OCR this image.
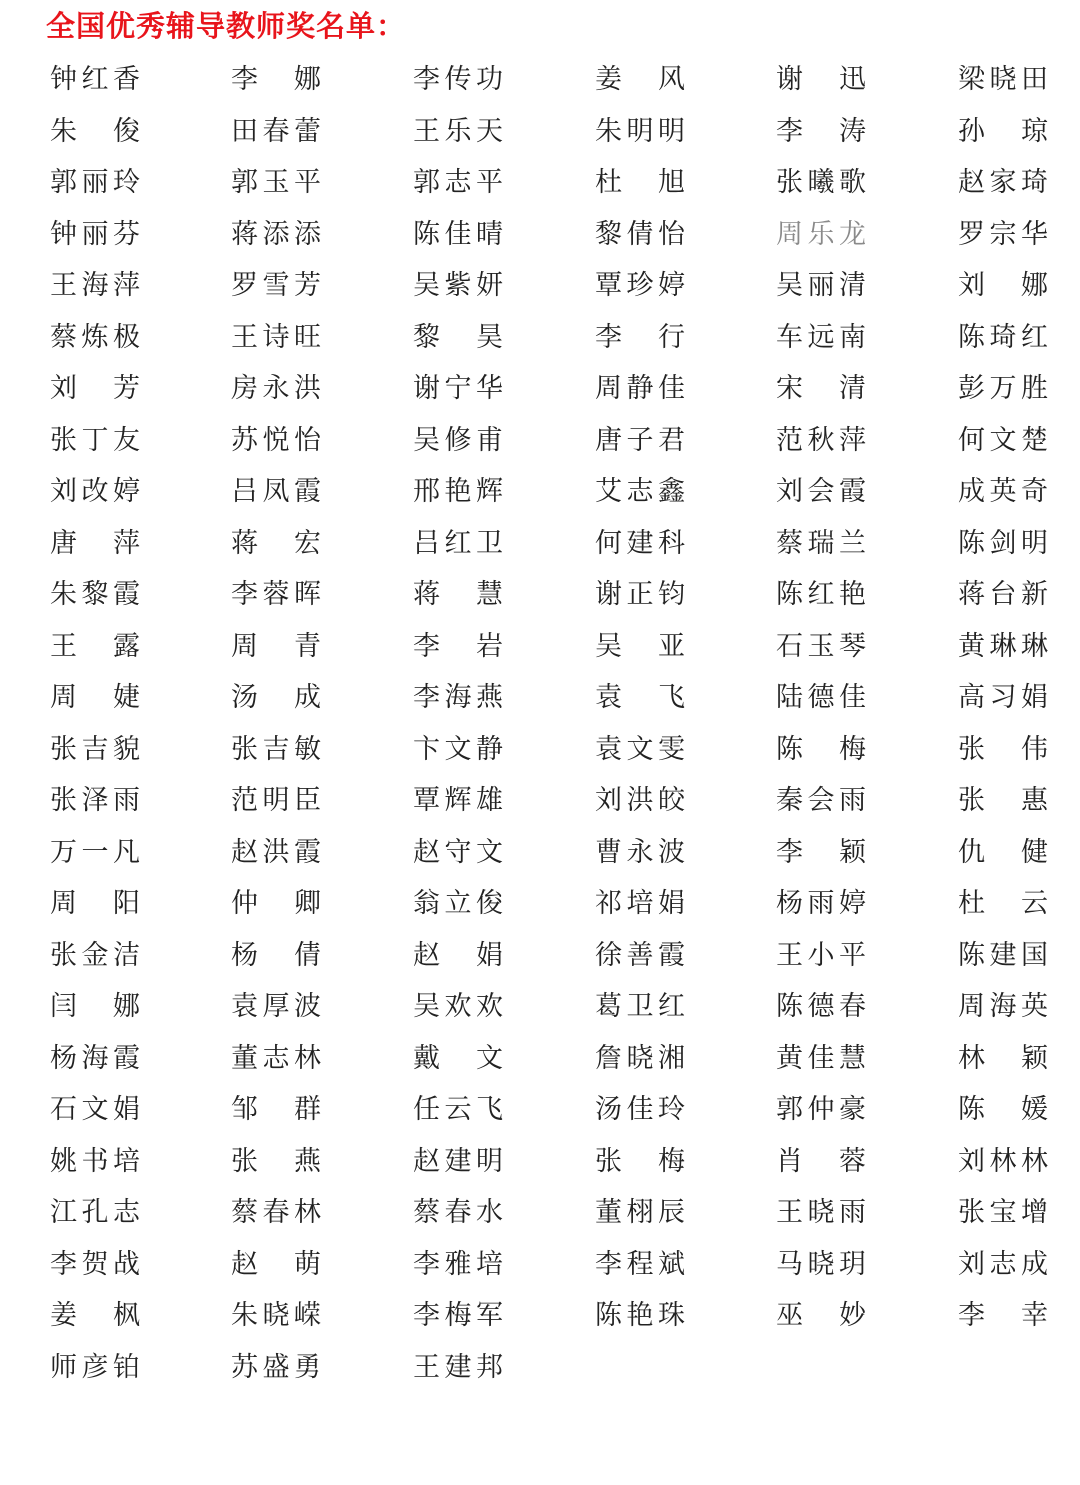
全国优秀辅导教师奖名单：
钟 红 香	李 娜	李 传 功	姜 风	谢 迅	梁 晓 田
朱 俊	田 春 蕾	王 乐 天	朱 明 明	李 涛	孙 琼
郭 丽 玲	郭 玉 平	郭 志 平	杜 旭	张 曦 歌	赵 家 琦
钟 丽 芬	蒋 添 添	陈 佳 晴	黎 倩 怡	周 乐 龙	罗 宗 华
王 海 萍	罗 雪 芳	吴 紫 妍	覃 珍 婷	吴 丽 清	刘 娜
蔡 炼 极	王 诗 旺	黎 昊	李 行	车 远 南	陈 琦 红
刘 芳	房 永 洪	谢 宁 华	周 静 佳	宋 清	彭 万 胜
张 丁 友	苏 悦 怡	吴 修 甫	唐 子 君	范 秋 萍	何 文 楚
刘 改 婷	吕 凤 霞	邢 艳 辉	艾 志 鑫	刘 会 霞	成 英 奇
唐 萍	蒋 宏	吕 红 卫	何 建 科	蔡 瑞 兰	陈 剑 明
朱 黎 霞	李 蓉 晖	蒋 慧	谢 正 钧	陈 红 艳	蒋 台 新
王 露	周 青	李 岩	吴 亚	石 玉 琴	黄 琳 琳
周 婕	汤 成	李 海 燕	袁 飞	陆 德 佳	高 习 娟
张 吉 貌	张 吉 敏	卞 文 静	袁 文 雯	陈 梅	张 伟
张 泽 雨	范 明 臣	覃 辉 雄	刘 洪 皎	秦 会 雨	张 惠
万 一 凡	赵 洪 霞	赵 守 文	曹 永 波	李 颖	仇 健
周 阳	仲 卿	翁 立 俊	祁 培 娟	杨 雨 婷	杜 云
张 金 洁	杨 倩	赵 娟	徐 善 霞	王 小 平	陈 建 国
闫 娜	袁 厚 波	吴 欢 欢	葛 卫 红	陈 德 春	周 海 英
杨 海 霞	董 志 林	戴 文	詹 晓 湘	黄 佳 慧	林 颖
石 文 娟	邹 群	任 云 飞	汤 佳 玲	郭 仲 豪	陈 媛
姚 书 培	张 燕	赵 建 明	张 梅	肖 蓉	刘 林 林
江 孔 志	蔡 春 林	蔡 春 水	董 栩 辰	王 晓 雨	张 宝 增
李 贺 战	赵 萌	李 雅 培	李 程 斌	马 晓 玥	刘 志 成
姜 枫	朱 晓 嵘	李 梅 军	陈 艳 珠	巫 妙	李 幸
师 彦 铂	苏 盛 勇	王 建 邦
